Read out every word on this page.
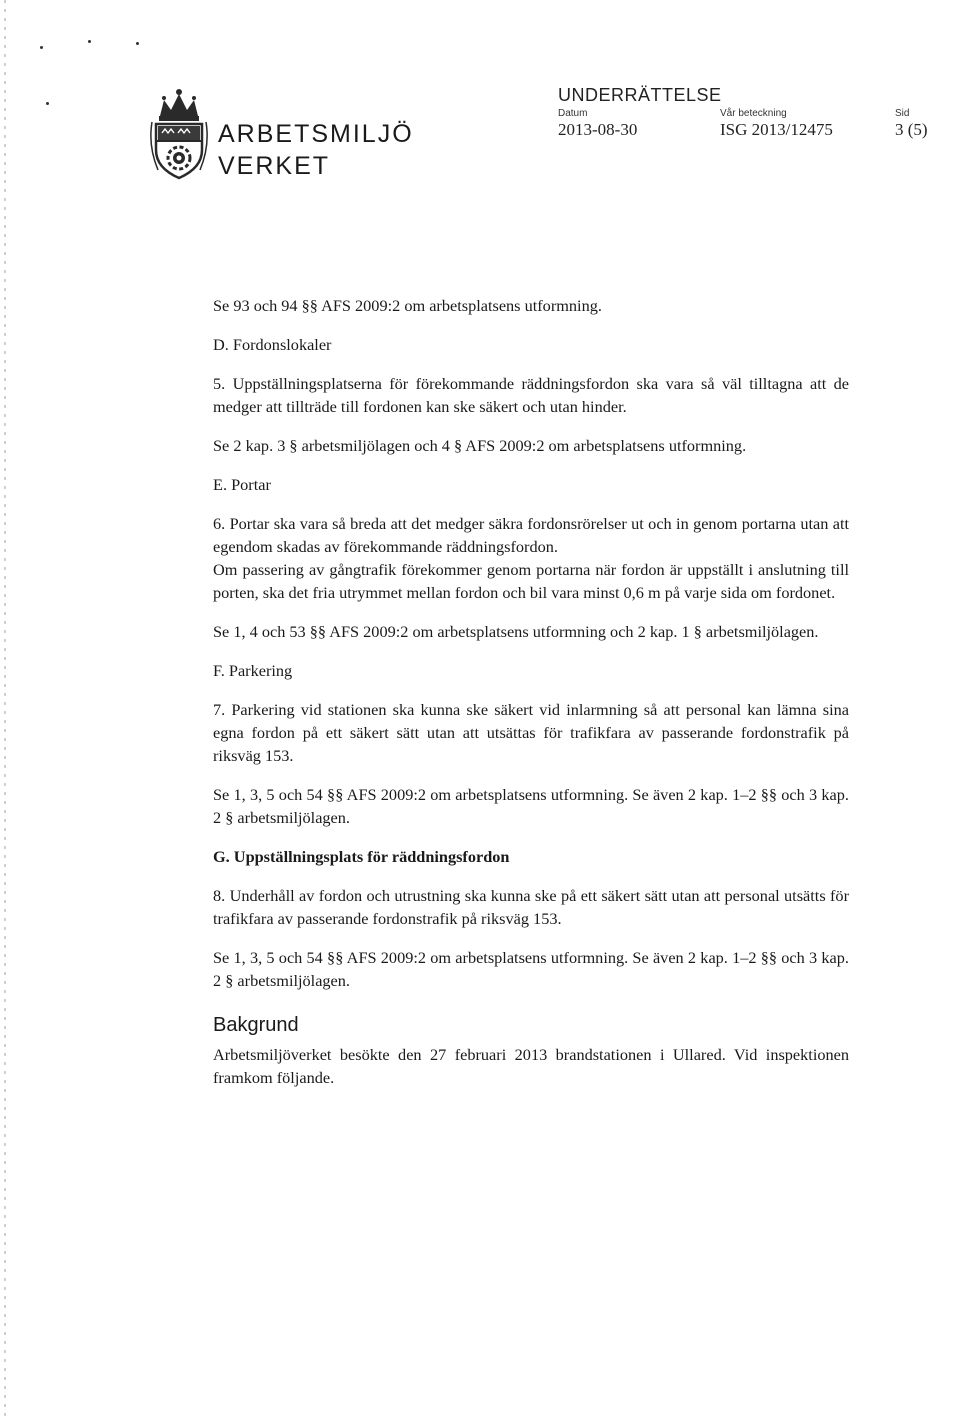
ARBETSMILJÖ
VERKET
UNDERRÄTTELSE
Datum
2013-08-30
Vår beteckning
ISG 2013/12475
Sid
3 (5)

Se 93 och 94 §§ AFS 2009:2 om arbetsplatsens utformning.

D. Fordonslokaler

5. Uppställningsplatserna för förekommande räddningsfordon ska vara så väl tilltagna att de medger att tillträde till fordonen kan ske säkert och utan hinder.

Se 2 kap. 3 § arbetsmiljölagen och 4 § AFS 2009:2 om arbetsplatsens utformning.

E. Portar

6. Portar ska vara så breda att det medger säkra fordonsrörelser ut och in genom portarna utan att egendom skadas av förekommande räddningsfordon.

Om passering av gångtrafik förekommer genom portarna när fordon är uppställt i anslutning till porten, ska det fria utrymmet mellan fordon och bil vara minst 0,6 m på varje sida om fordonet.

Se 1, 4 och 53 §§ AFS 2009:2 om arbetsplatsens utformning och 2 kap. 1 § arbetsmiljölagen.

F. Parkering

7. Parkering vid stationen ska kunna ske säkert vid inlarmning så att personal kan lämna sina egna fordon på ett säkert sätt utan att utsättas för trafikfara av passerande fordonstrafik på riksväg 153.

Se 1, 3, 5 och 54 §§ AFS 2009:2 om arbetsplatsens utformning. Se även 2 kap. 1–2 §§ och 3 kap. 2 § arbetsmiljölagen.

G. Uppställningsplats för räddningsfordon

8. Underhåll av fordon och utrustning ska kunna ske på ett säkert sätt utan att personal utsätts för trafikfara av passerande fordonstrafik på riksväg 153.

Se 1, 3, 5 och 54 §§ AFS 2009:2 om arbetsplatsens utformning. Se även 2 kap. 1–2 §§ och 3 kap. 2 § arbetsmiljölagen.

Bakgrund

Arbetsmiljöverket besökte den 27 februari 2013 brandstationen i Ullared. Vid inspektionen framkom följande.
